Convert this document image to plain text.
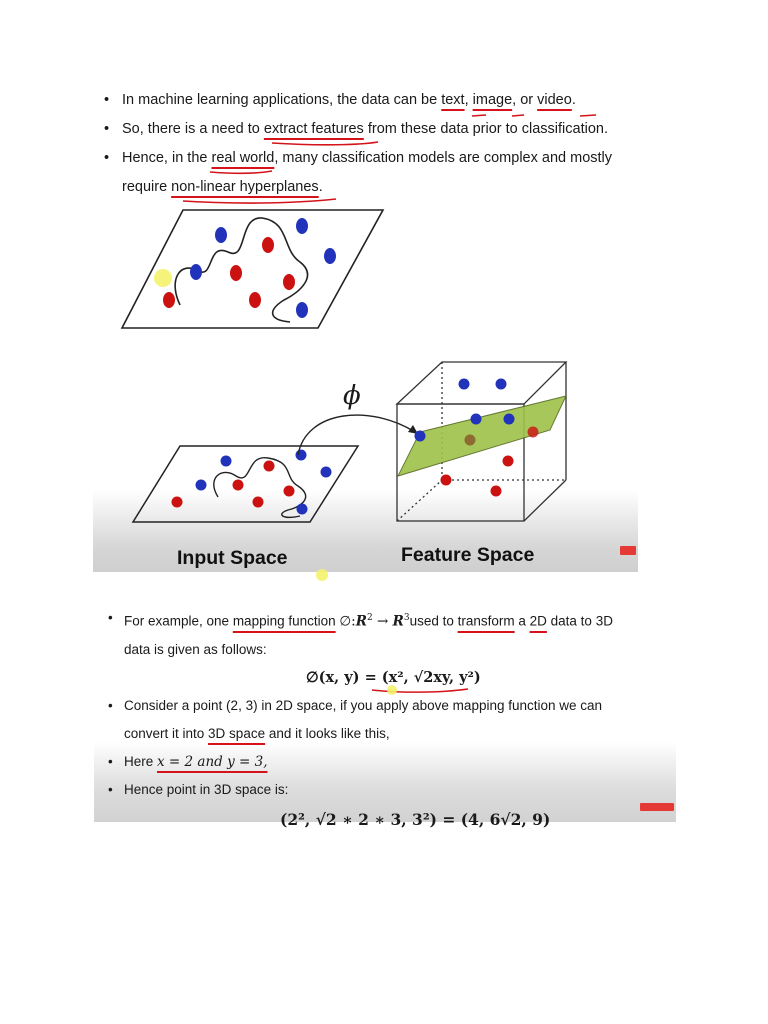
• In machine learning applications, the data can be text, image, or video.
• So, there is a need to extract features from these data prior to classification.
• Hence, in the real world, many classification models are complex and mostly
require non-linear hyperplanes.
ϕ
Input Space	Feature Space
• For example, one mapping function $\emptyset:R^2$ → $R^3used$ to transform a 2D data to 3D
data is given as follows:
∅(x, y) = (x², √2xy, y²)
• Consider a point (2, 3) in 2D space, if you apply above mapping function we can
convert it into 3D space and it looks like this,
• Here x = 2 and y = 3,
• Hence point in 3D space is:
(2², √2 ∗ 2 ∗ 3, 3²) = (4, 6√2, 9)
